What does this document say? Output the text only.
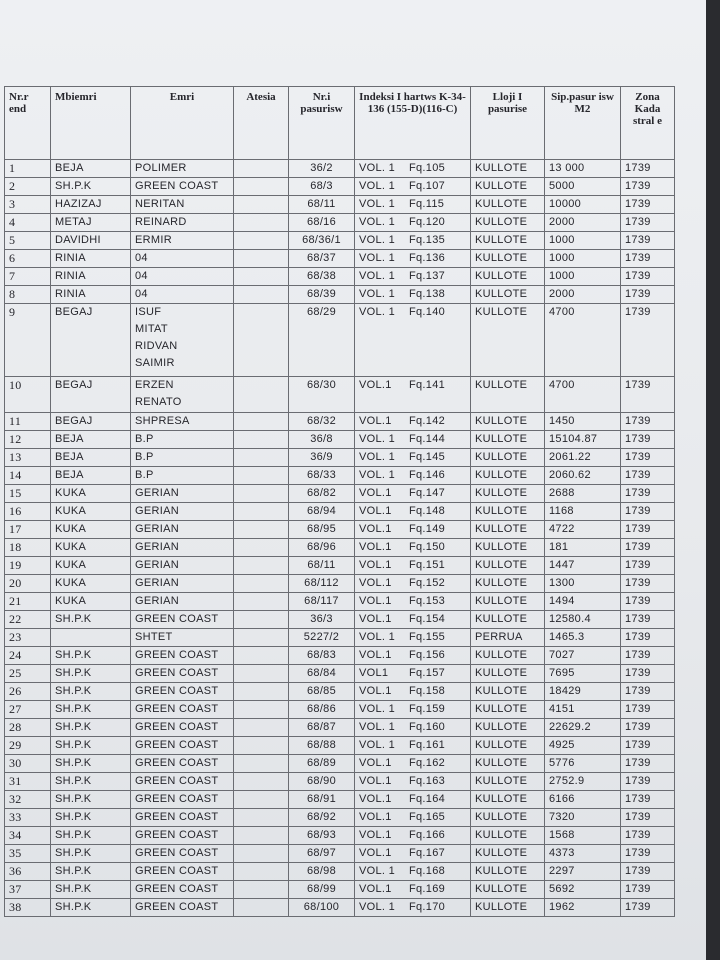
Nr.r end	Mbiemri	Emri	Atesia	Nr.i pasurisw	Indeksi I hartws K-34-136 (155-D)(116-C)	Lloji I pasurise	Sip.pasur isw M2	Zona Kada stral e
1	BEJA	POLIMER		36/2	VOL. 1 Fq.105	KULLOTE	13 000	1739
2	SH.P.K	GREEN COAST		68/3	VOL. 1 Fq.107	KULLOTE	5000	1739
3	HAZIZAJ	NERITAN		68/11	VOL. 1 Fq.115	KULLOTE	10000	1739
4	METAJ	REINARD		68/16	VOL. 1 Fq.120	KULLOTE	2000	1739
5	DAVIDHI	ERMIR		68/36/1	VOL. 1 Fq.135	KULLOTE	1000	1739
6	RINIA	04		68/37	VOL. 1 Fq.136	KULLOTE	1000	1739
7	RINIA	04		68/38	VOL. 1 Fq.137	KULLOTE	1000	1739
8	RINIA	04		68/39	VOL. 1 Fq.138	KULLOTE	2000	1739
9	BEGAJ	ISUF
MITAT
RIDVAN
SAIMIR		68/29	VOL. 1 Fq.140	KULLOTE	4700	1739
10	BEGAJ	ERZEN
RENATO		68/30	VOL.1 Fq.141	KULLOTE	4700	1739
11	BEGAJ	SHPRESA		68/32	VOL.1 Fq.142	KULLOTE	1450	1739
12	BEJA	B.P		36/8	VOL. 1 Fq.144	KULLOTE	15104.87	1739
13	BEJA	B.P		36/9	VOL. 1 Fq.145	KULLOTE	2061.22	1739
14	BEJA	B.P		68/33	VOL. 1 Fq.146	KULLOTE	2060.62	1739
15	KUKA	GERIAN		68/82	VOL.1 Fq.147	KULLOTE	2688	1739
16	KUKA	GERIAN		68/94	VOL.1 Fq.148	KULLOTE	1168	1739
17	KUKA	GERIAN		68/95	VOL.1 Fq.149	KULLOTE	4722	1739
18	KUKA	GERIAN		68/96	VOL.1 Fq.150	KULLOTE	181	1739
19	KUKA	GERIAN		68/11	VOL.1 Fq.151	KULLOTE	1447	1739
20	KUKA	GERIAN		68/112	VOL.1 Fq.152	KULLOTE	1300	1739
21	KUKA	GERIAN		68/117	VOL.1 Fq.153	KULLOTE	1494	1739
22	SH.P.K	GREEN COAST		36/3	VOL.1 Fq.154	KULLOTE	12580.4	1739
23		SHTET		5227/2	VOL. 1 Fq.155	PERRUA	1465.3	1739
24	SH.P.K	GREEN COAST		68/83	VOL.1 Fq.156	KULLOTE	7027	1739
25	SH.P.K	GREEN COAST		68/84	VOL1 Fq.157	KULLOTE	7695	1739
26	SH.P.K	GREEN COAST		68/85	VOL.1 Fq.158	KULLOTE	18429	1739
27	SH.P.K	GREEN COAST		68/86	VOL. 1 Fq.159	KULLOTE	4151	1739
28	SH.P.K	GREEN COAST		68/87	VOL. 1 Fq.160	KULLOTE	22629.2	1739
29	SH.P.K	GREEN COAST		68/88	VOL. 1 Fq.161	KULLOTE	4925	1739
30	SH.P.K	GREEN COAST		68/89	VOL.1 Fq.162	KULLOTE	5776	1739
31	SH.P.K	GREEN COAST		68/90	VOL.1 Fq.163	KULLOTE	2752.9	1739
32	SH.P.K	GREEN COAST		68/91	VOL.1 Fq.164	KULLOTE	6166	1739
33	SH.P.K	GREEN COAST		68/92	VOL.1 Fq.165	KULLOTE	7320	1739
34	SH.P.K	GREEN COAST		68/93	VOL.1 Fq.166	KULLOTE	1568	1739
35	SH.P.K	GREEN COAST		68/97	VOL.1 Fq.167	KULLOTE	4373	1739
36	SH.P.K	GREEN COAST		68/98	VOL. 1 Fq.168	KULLOTE	2297	1739
37	SH.P.K	GREEN COAST		68/99	VOL.1 Fq.169	KULLOTE	5692	1739
38	SH.P.K	GREEN COAST		68/100	VOL. 1 Fq.170	KULLOTE	1962	1739
